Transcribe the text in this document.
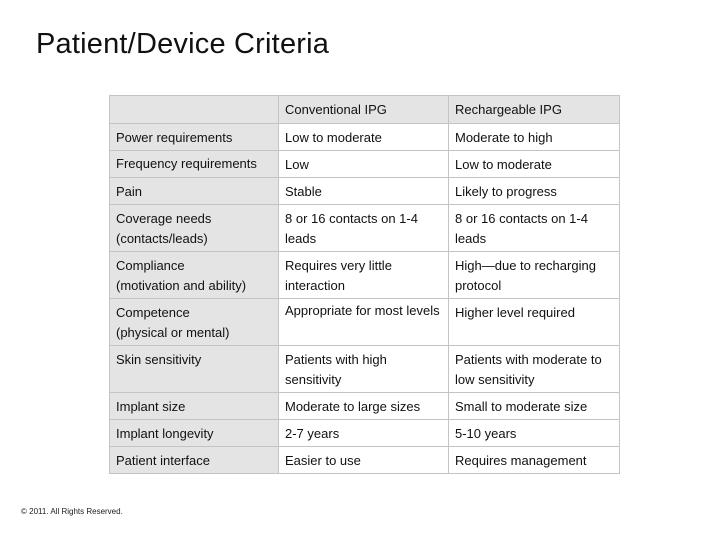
Patient/Device Criteria
	Conventional IPG	Rechargeable IPG

Power requirements	Low to moderate	Moderate to high

Frequency requirements	Low	Low to moderate

Pain	Stable	Likely to progress

Coverage needs
(contacts/leads)	8 or 16 contacts on 1-4 leads	8 or 16 contacts on 1-4 leads

Compliance
(motivation and ability)	Requires very little interaction	High—due to recharging protocol

Competence
(physical or mental)	Appropriate for most levels	Higher level required

Skin sensitivity	Patients with high sensitivity	Patients with moderate to low sensitivity

Implant size	Moderate to large sizes	Small to moderate size

Implant longevity	2-7 years	5-10 years

Patient interface	Easier to use	Requires management
© 2011. All Rights Reserved.
